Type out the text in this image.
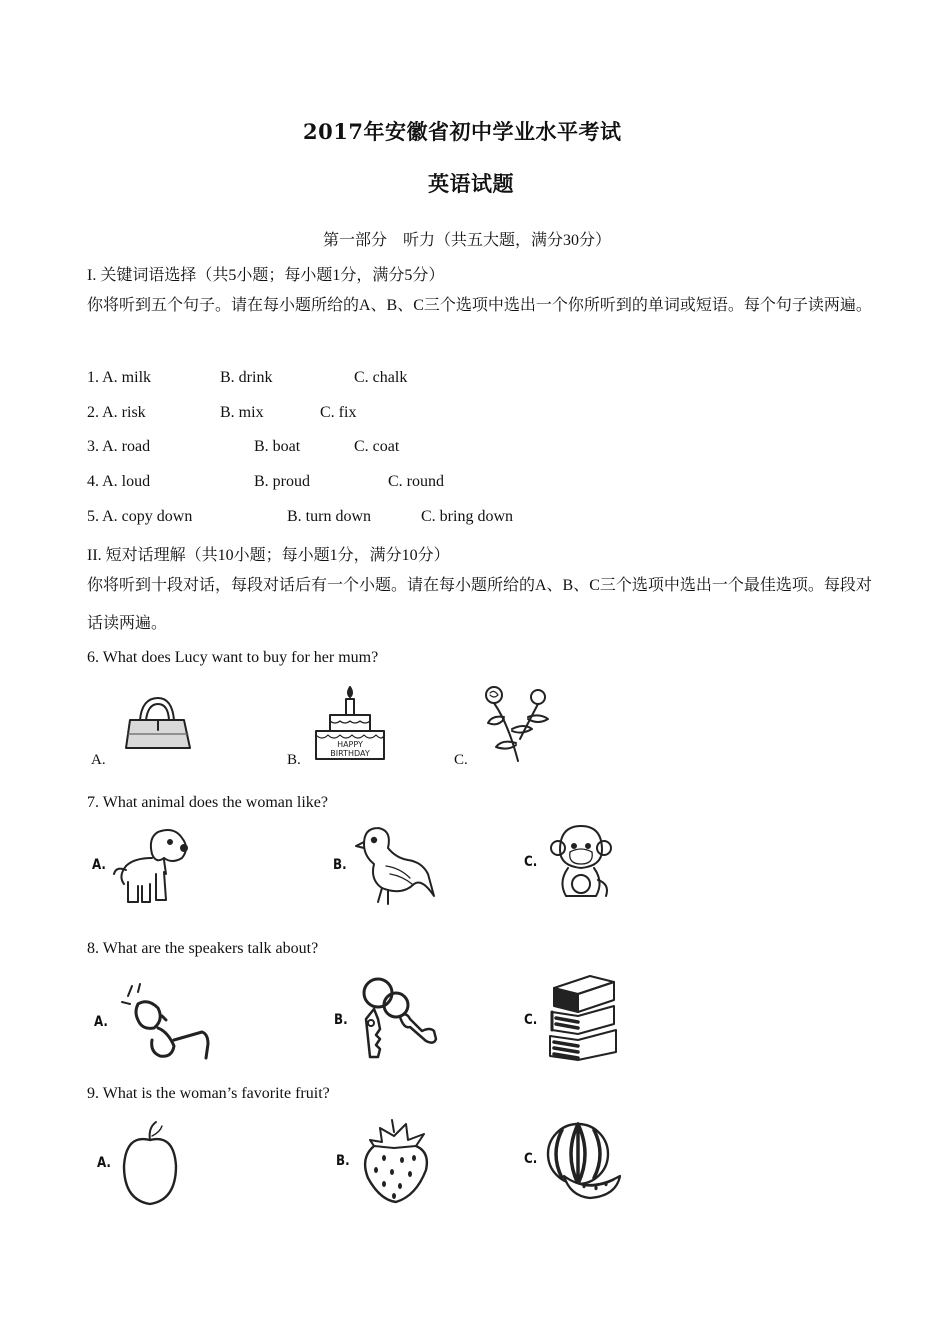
2017年安徽省初中学业水平考试
英语试题
第一部分　听力（共五大题，满分30分）
I. 关键词语选择（共5小题；每小题1分，满分5分）
你将听到五个句子。请在每小题所给的A、B、C三个选项中选出一个你所听到的单词或短语。每个句子读两遍。
1. A. milk	B. drink	C. chalk
2. A. risk	B. mix	C. fix
3. A. road	B. boat	C. coat
4. A. loud	B. proud	C. round
5. A. copy down	B. turn down	C. bring down
II. 短对话理解（共10小题；每小题1分，满分10分）
你将听到十段对话，每段对话后有一个小题。请在每小题所给的A、B、C三个选项中选出一个最佳选项。每段对话读两遍。
6. What does Lucy want to buy for her mum?
A.	B.	C.
HAPPY
BIRTHDAY
7. What animal does the woman like?
A.	B.	C.
8. What are the speakers talk about?
A.	B.	C.
9. What is the woman’s favorite fruit?
A.	B.	C.
